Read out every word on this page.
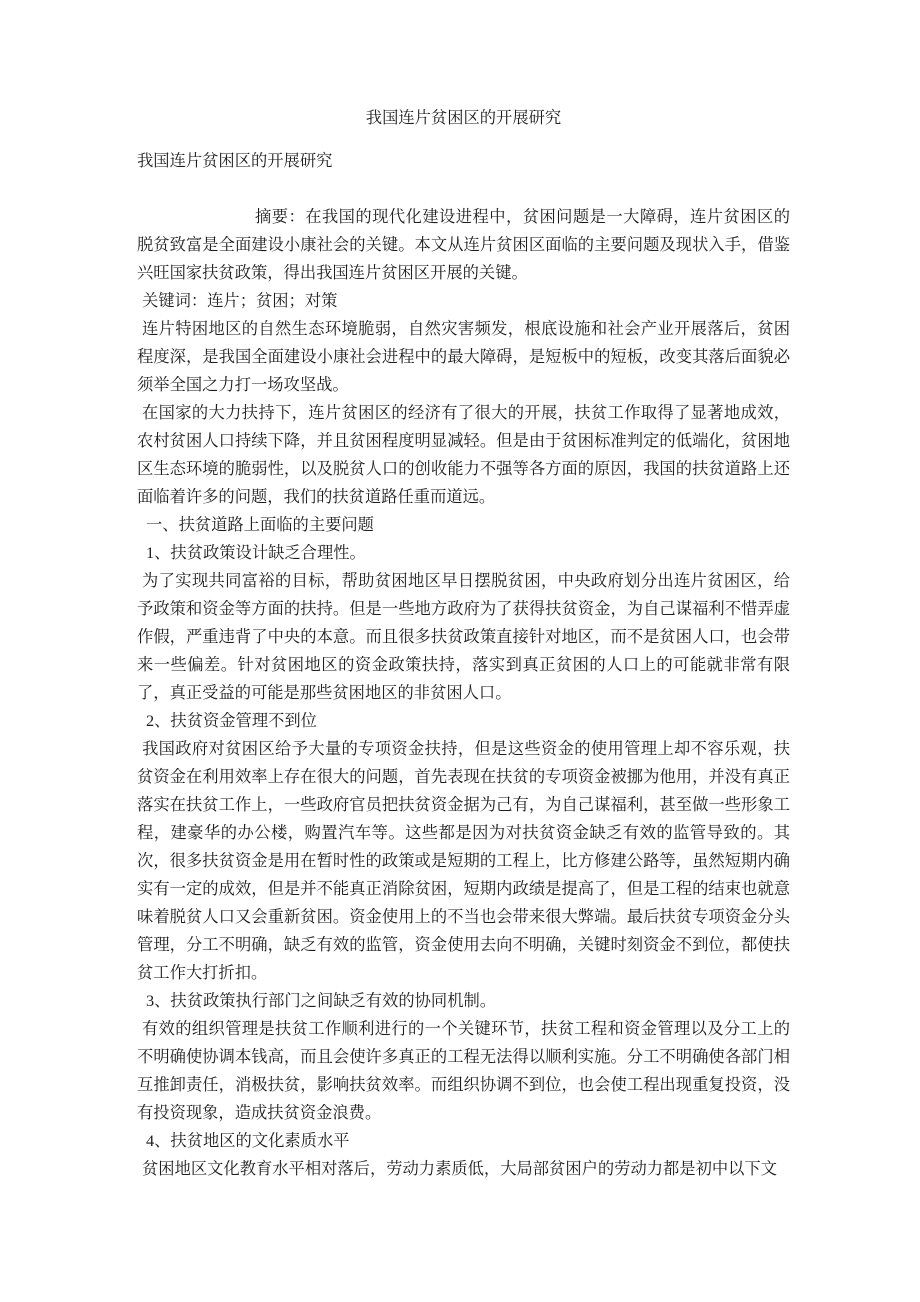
我国连片贫困区的开展研究

我国连片贫困区的开展研究

摘要：在我国的现代化建设进程中，贫困问题是一大障碍，连片贫困区的脱贫致富是全面建设小康社会的关键。本文从连片贫困区面临的主要问题及现状入手，借鉴兴旺国家扶贫政策，得出我国连片贫困区开展的关键。

关键词：连片；贫困；对策

连片特困地区的自然生态环境脆弱，自然灾害频发，根底设施和社会产业开展落后，贫困程度深，是我国全面建设小康社会进程中的最大障碍，是短板中的短板，改变其落后面貌必须举全国之力打一场攻坚战。

在国家的大力扶持下，连片贫困区的经济有了很大的开展，扶贫工作取得了显著地成效，农村贫困人口持续下降，并且贫困程度明显减轻。但是由于贫困标准判定的低端化，贫困地区生态环境的脆弱性，以及脱贫人口的创收能力不强等各方面的原因，我国的扶贫道路上还面临着许多的问题，我们的扶贫道路任重而道远。

一、扶贫道路上面临的主要问题

1、扶贫政策设计缺乏合理性。

为了实现共同富裕的目标，帮助贫困地区早日摆脱贫困，中央政府划分出连片贫困区，给予政策和资金等方面的扶持。但是一些地方政府为了获得扶贫资金，为自己谋福利不惜弄虚作假，严重违背了中央的本意。而且很多扶贫政策直接针对地区，而不是贫困人口，也会带来一些偏差。针对贫困地区的资金政策扶持，落实到真正贫困的人口上的可能就非常有限了，真正受益的可能是那些贫困地区的非贫困人口。

2、扶贫资金管理不到位

我国政府对贫困区给予大量的专项资金扶持，但是这些资金的使用管理上却不容乐观，扶贫资金在利用效率上存在很大的问题，首先表现在扶贫的专项资金被挪为他用，并没有真正落实在扶贫工作上，一些政府官员把扶贫资金据为己有，为自己谋福利，甚至做一些形象工程，建豪华的办公楼，购置汽车等。这些都是因为对扶贫资金缺乏有效的监管导致的。其次，很多扶贫资金是用在暂时性的政策或是短期的工程上，比方修建公路等，虽然短期内确实有一定的成效，但是并不能真正消除贫困，短期内政绩是提高了，但是工程的结束也就意味着脱贫人口又会重新贫困。资金使用上的不当也会带来很大弊端。最后扶贫专项资金分头管理，分工不明确，缺乏有效的监管，资金使用去向不明确，关键时刻资金不到位，都使扶贫工作大打折扣。

3、扶贫政策执行部门之间缺乏有效的协同机制。

有效的组织管理是扶贫工作顺利进行的一个关键环节，扶贫工程和资金管理以及分工上的不明确使协调本钱高，而且会使许多真正的工程无法得以顺利实施。分工不明确使各部门相互推卸责任，消极扶贫，影响扶贫效率。而组织协调不到位，也会使工程出现重复投资，没有投资现象，造成扶贫资金浪费。

4、扶贫地区的文化素质水平

贫困地区文化教育水平相对落后，劳动力素质低，大局部贫困户的劳动力都是初中以下文
